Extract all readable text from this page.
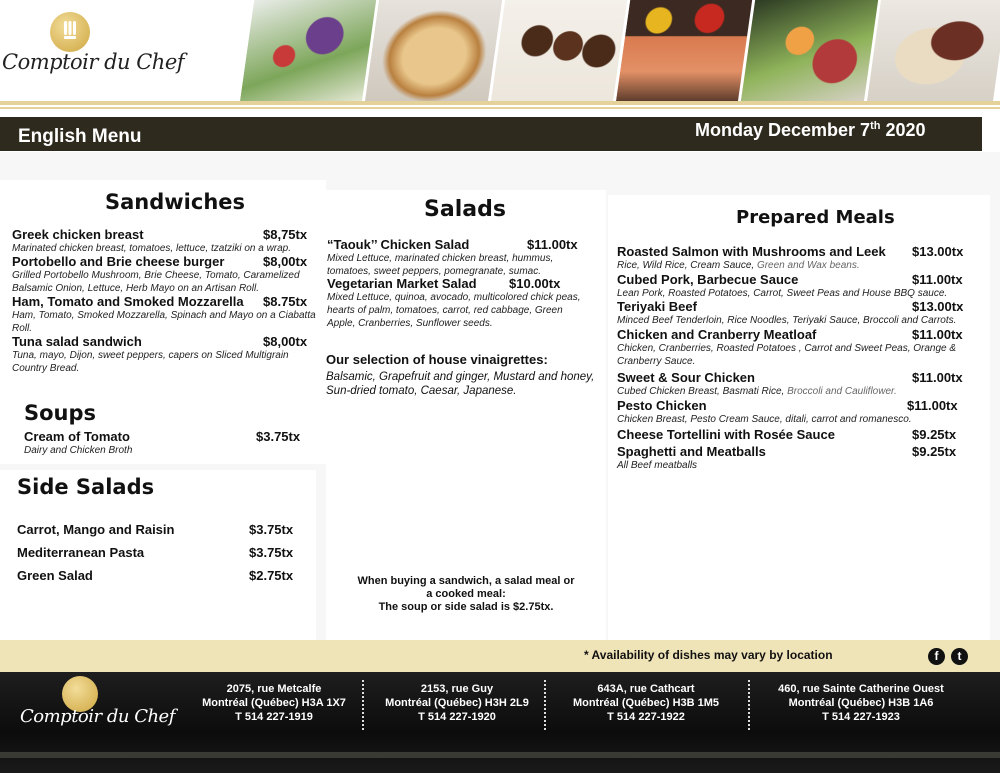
Comptoir du Chef
English Menu	Monday December 7th 2020
Sandwiches
Greek chicken breast	$8,75tx
Marinated chicken breast, tomatoes, lettuce, tzatziki on a wrap.
Portobello and Brie cheese burger	$8,00tx
Grilled Portobello Mushroom, Brie Cheese, Tomato, Caramelized Balsamic Onion, Lettuce, Herb Mayo on an Artisan Roll.
Ham, Tomato and Smoked Mozzarella	$8.75tx
Ham, Tomato, Smoked Mozzarella, Spinach and Mayo on a Ciabatta Roll.
Tuna salad sandwich	$8,00tx
Tuna, mayo, Dijon, sweet peppers, capers on Sliced Multigrain Country Bread.
Soups
Cream of Tomato	$3.75tx
Dairy and Chicken Broth
Side Salads
Carrot, Mango and Raisin	$3.75tx
Mediterranean Pasta	$3.75tx
Green Salad	$2.75tx
Salads
“Taouk’’ Chicken Salad	$11.00tx
Mixed Lettuce, marinated chicken breast, hummus, tomatoes, sweet peppers, pomegranate, sumac.
Vegetarian Market Salad	$10.00tx
Mixed Lettuce, quinoa, avocado, multicolored chick peas, hearts of palm, tomatoes, carrot, red cabbage, Green Apple, Cranberries, Sunflower seeds.
Our selection of house vinaigrettes:
Balsamic, Grapefruit and ginger, Mustard and honey, Sun-dried tomato, Caesar, Japanese.
When buying a sandwich, a salad meal or
a cooked meal:
The soup or side salad is $2.75tx.
Prepared Meals
Roasted Salmon with Mushrooms and Leek	$13.00tx
Rice, Wild Rice, Cream Sauce, Green and Wax beans.
Cubed Pork, Barbecue Sauce	$11.00tx
Lean Pork, Roasted Potatoes, Carrot, Sweet Peas and House BBQ sauce.
Teriyaki Beef	$13.00tx
Minced Beef Tenderloin, Rice Noodles, Teriyaki Sauce, Broccoli and Carrots.
Chicken and Cranberry Meatloaf	$11.00tx
Chicken, Cranberries, Roasted Potatoes , Carrot and Sweet Peas, Orange & Cranberry Sauce.
Sweet & Sour Chicken	$11.00tx
Cubed Chicken Breast, Basmati Rice, Broccoli and Cauliflower.
Pesto Chicken	$11.00tx
Chicken Breast, Pesto Cream Sauce, ditali, carrot and romanesco.
Cheese Tortellini with Rosée Sauce	$9.25tx
Spaghetti and Meatballs	$9.25tx
All Beef meatballs
* Availability of dishes may vary by location	f	t
Comptoir du Chef
2075, rue Metcalfe
Montréal (Québec) H3A 1X7
T 514 227-1919
2153, rue Guy
Montréal (Québec) H3H 2L9
T 514 227-1920
643A, rue Cathcart
Montréal (Québec) H3B 1M5
T 514 227-1922
460, rue Sainte Catherine Ouest
Montréal (Québec) H3B 1A6
T 514 227-1923
